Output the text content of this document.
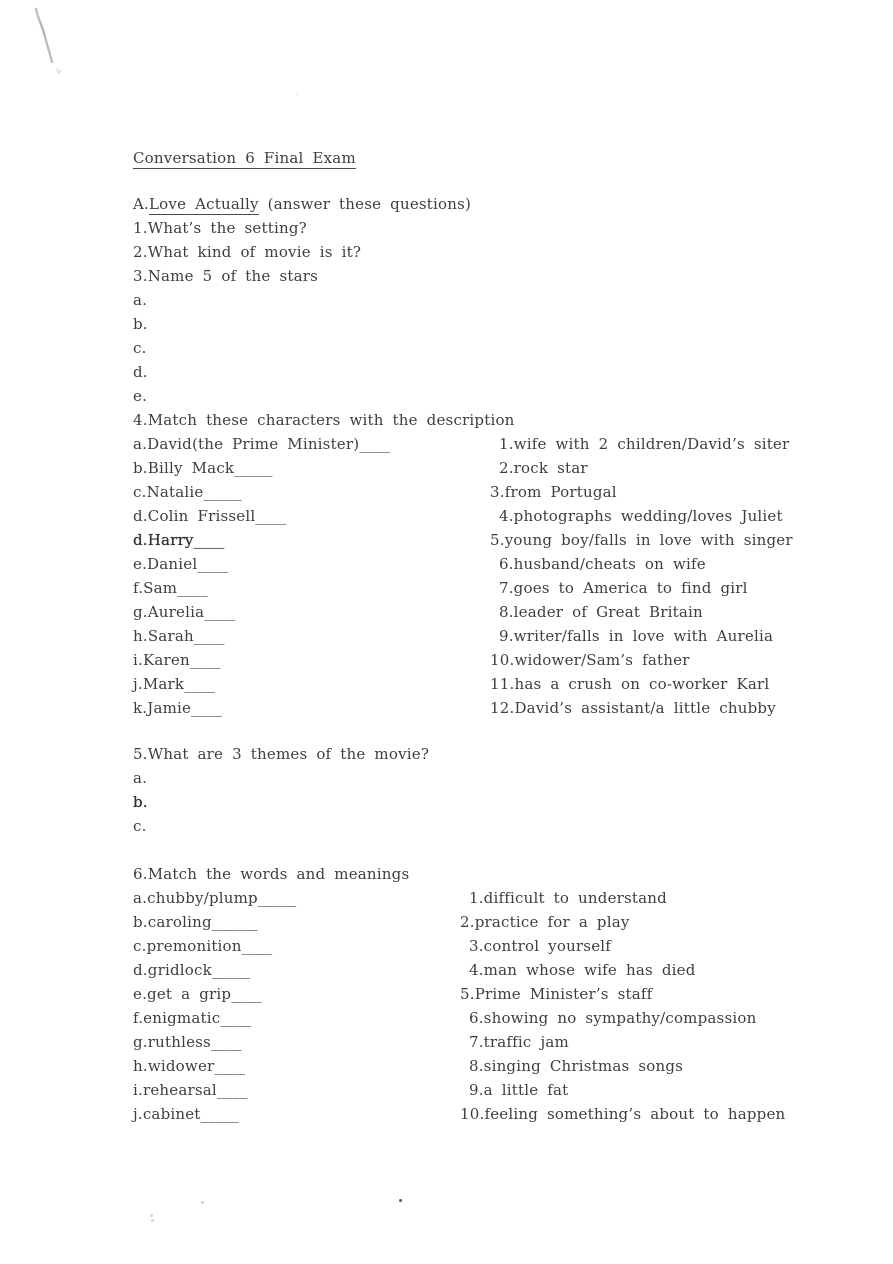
Conversation 6 Final Exam
A.Love Actually (answer these questions)
1.What’s the setting?
2.What kind of movie is it?
3.Name 5 of the stars
a.
b.
c.
d.
e.
4.Match these characters with the description
a.David(the Prime Minister)____	1.wife with 2 children/David’s siter
b.Billy Mack_____	2.rock star
c.Natalie_____	3.from Portugal
d.Colin Frissell____	4.photographs wedding/loves Juliet
d.Harry____	5.young boy/falls in love with singer
e.Daniel____	6.husband/cheats on wife
f.Sam____	7.goes to America to find girl
g.Aurelia____	8.leader of Great Britain
h.Sarah____	9.writer/falls in love with Aurelia
i.Karen____	10.widower/Sam’s father
j.Mark____	11.has a crush on co-worker Karl
k.Jamie____	12.David’s assistant/a little chubby
5.What are 3 themes of the movie?
a.
b.
c.
6.Match the words and meanings
a.chubby/plump_____	1.difficult to understand
b.caroling______	2.practice for a play
c.premonition____	3.control yourself
d.gridlock_____	4.man whose wife has died
e.get a grip____	5.Prime Minister’s staff
f.enigmatic____	6.showing no sympathy/compassion
g.ruthless____	7.traffic jam
h.widower____	8.singing Christmas songs
i.rehearsal____	9.a little fat
j.cabinet_____	10.feeling something’s about to happen
